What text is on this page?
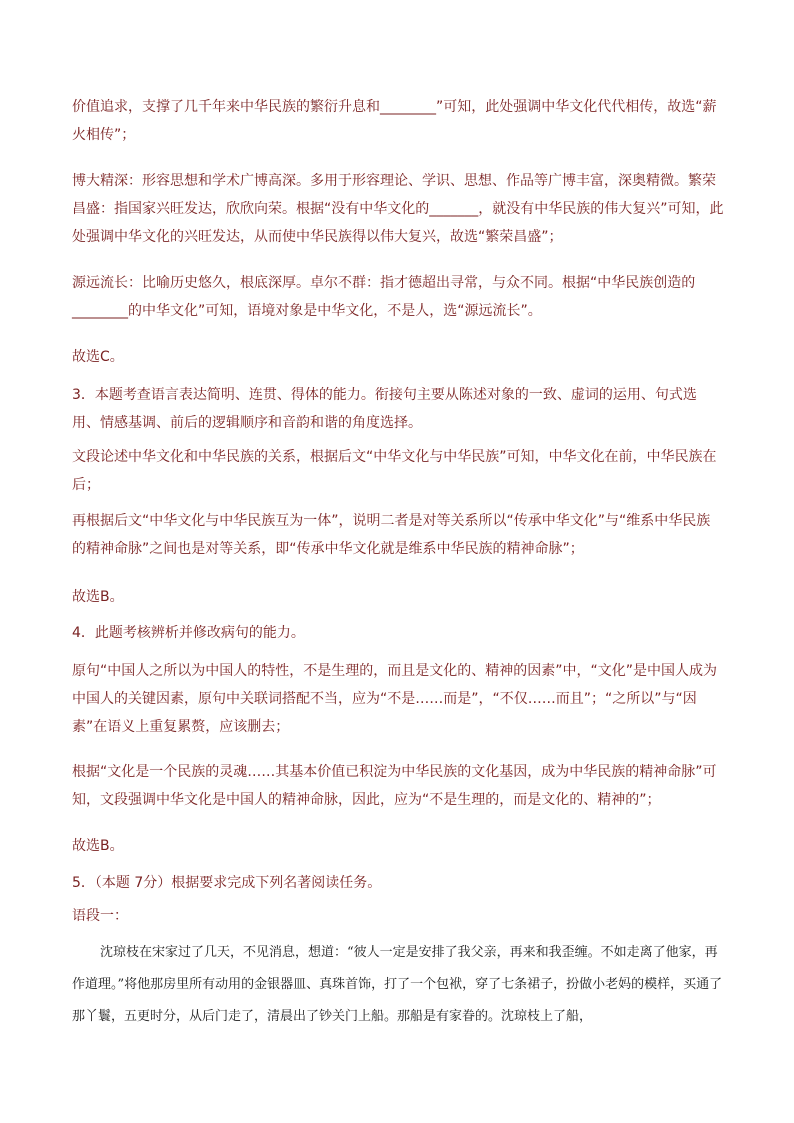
价值追求，支撑了几千年来中华民族的繁衍升息和________”可知，此处强调中华文化代代相传，故选“薪火相传”；

博大精深：形容思想和学术广博高深。多用于形容理论、学识、思想、作品等广博丰富，深奥精微。繁荣昌盛：指国家兴旺发达，欣欣向荣。根据“没有中华文化的_______，就没有中华民族的伟大复兴”可知，此处强调中华文化的兴旺发达，从而使中华民族得以伟大复兴，故选“繁荣昌盛”；

源远流长：比喻历史悠久，根底深厚。卓尔不群：指才德超出寻常，与众不同。根据“中华民族创造的________的中华文化”可知，语境对象是中华文化，不是人，选“源远流长”。

故选C。

3．本题考查语言表达简明、连贯、得体的能力。衔接句主要从陈述对象的一致、虚词的运用、句式选用、情感基调、前后的逻辑顺序和音韵和谐的角度选择。

文段论述中华文化和中华民族的关系，根据后文“中华文化与中华民族”可知，中华文化在前，中华民族在后；

再根据后文“中华文化与中华民族互为一体”，说明二者是对等关系所以“传承中华文化”与“维系中华民族的精神命脉”之间也是对等关系，即“传承中华文化就是维系中华民族的精神命脉”；

故选B。

4．此题考核辨析并修改病句的能力。

原句“中国人之所以为中国人的特性，不是生理的，而且是文化的、精神的因素”中，“文化”是中国人成为中国人的关键因素，原句中关联词搭配不当，应为“不是……而是”，“不仅……而且”；“之所以”与“因素”在语义上重复累赘，应该删去；

根据“文化是一个民族的灵魂……其基本价值已积淀为中华民族的文化基因，成为中华民族的精神命脉”可知，文段强调中华文化是中国人的精神命脉，因此，应为“不是生理的，而是文化的、精神的”；

故选B。

5．（本题 7分）根据要求完成下列名著阅读任务。

语段一：

沈琼枝在宋家过了几天，不见消息，想道：“彼人一定是安排了我父亲，再来和我歪缠。不如走离了他家，再作道理。”将他那房里所有动用的金银器皿、真珠首饰，打了一个包袱，穿了七条裙子，扮做小老妈的模样，买通了那丫鬟，五更时分，从后门走了，清晨出了钞关门上船。那船是有家眷的。沈琼枝上了船，
